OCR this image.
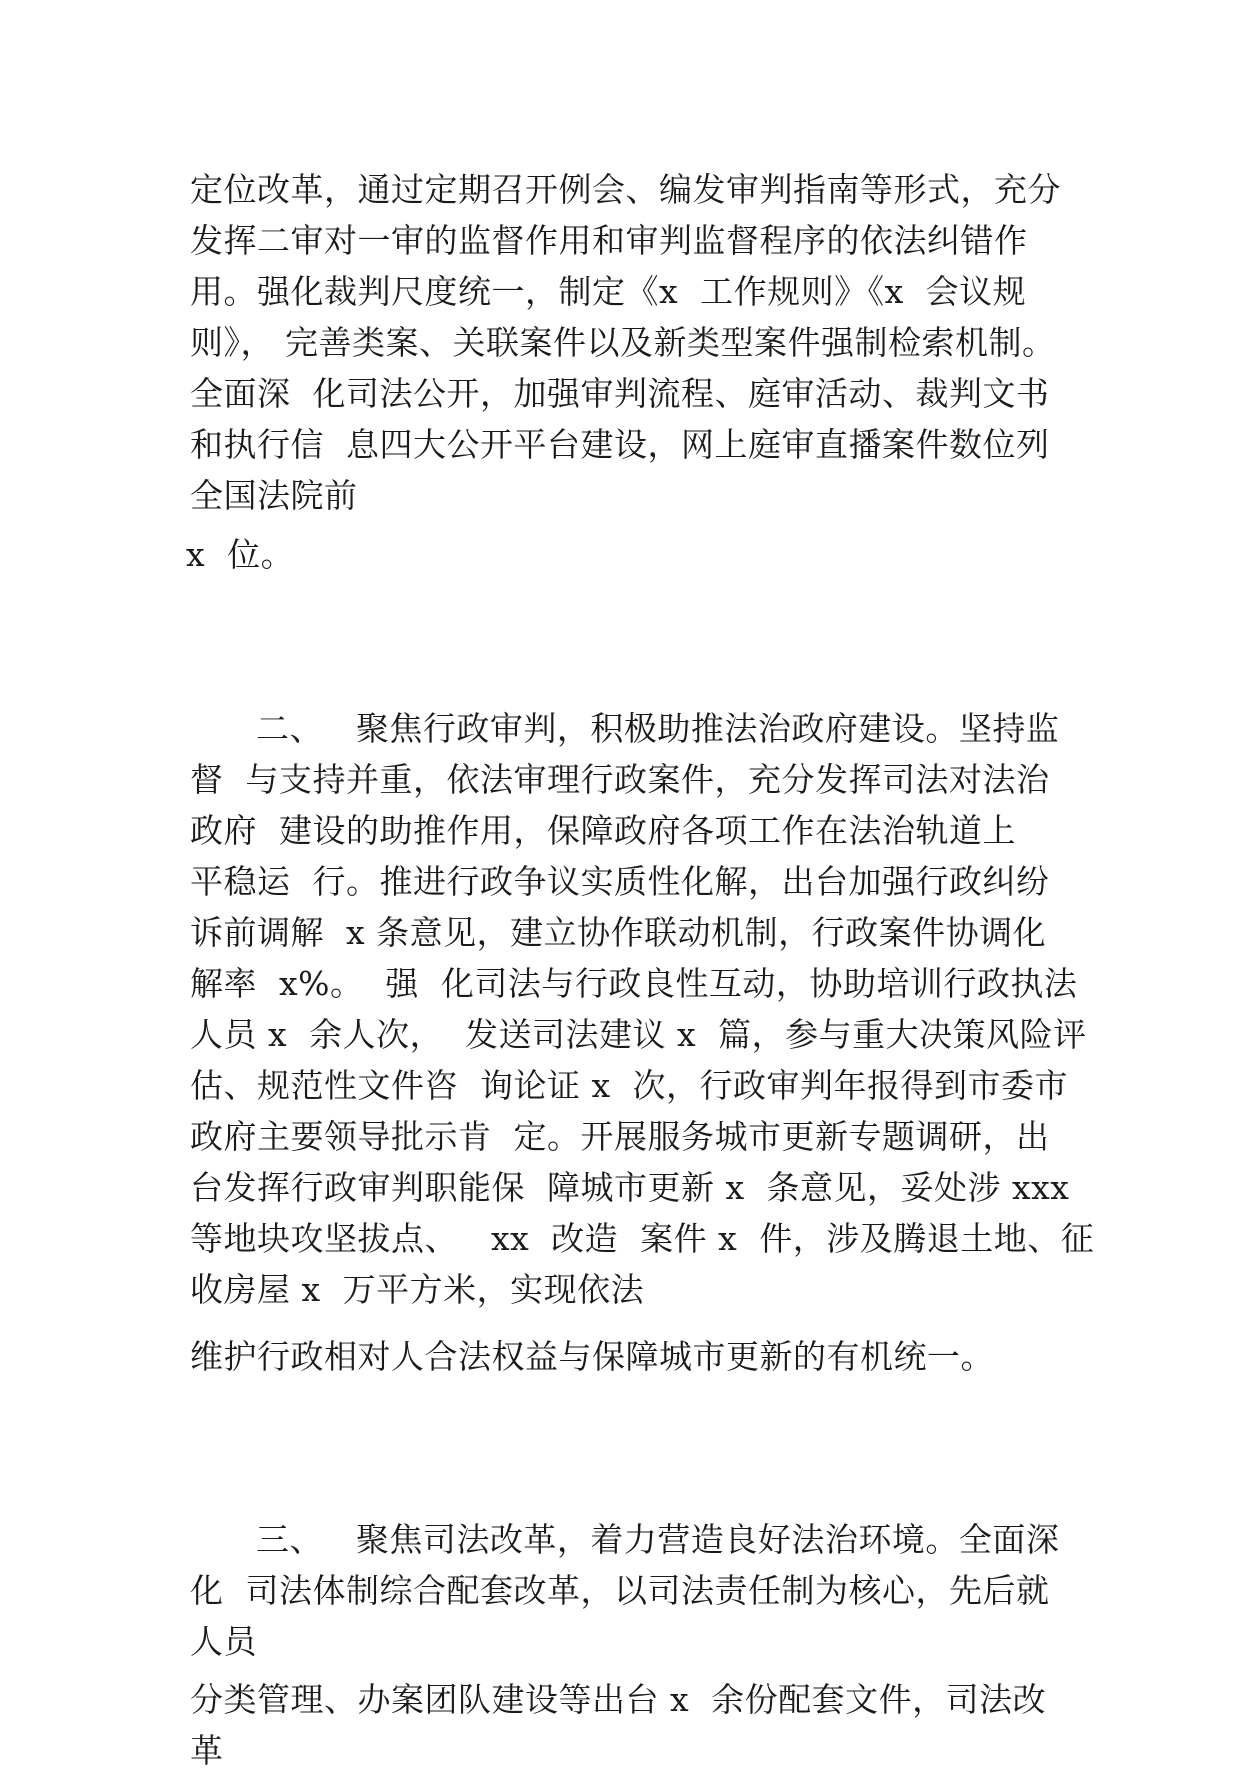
定位改革，通过定期召开例会、编发审判指南等形式，充分
发挥二审对一审的监督作用和审判监督程序的依法纠错作
用。强化裁判尺度统一，制定《x  工作规则》《x  会议规
则》， 完善类案、关联案件以及新类型案件强制检索机制。
全面深  化司法公开，加强审判流程、庭审活动、裁判文书
和执行信  息四大公开平台建设，网上庭审直播案件数位列
全国法院前
x  位。
二、   聚焦行政审判，积极助推法治政府建设。坚持监
督  与支持并重，依法审理行政案件，充分发挥司法对法治
政府  建设的助推作用，保障政府各项工作在法治轨道上
平稳运  行。推进行政争议实质性化解，出台加强行政纠纷
诉前调解  x 条意见，建立协作联动机制，行政案件协调化
解率  x%。  强  化司法与行政良性互动，协助培训行政执法
人员 x  余人次，  发送司法建议 x  篇，参与重大决策风险评
估、规范性文件咨  询论证 x  次，行政审判年报得到市委市
政府主要领导批示肯  定。开展服务城市更新专题调研，出
台发挥行政审判职能保  障城市更新 x  条意见，妥处涉 xxx
等地块攻坚拔点、   xx  改造  案件 x  件，涉及腾退土地、征
收房屋 x  万平方米，实现依法
维护行政相对人合法权益与保障城市更新的有机统一。
三、   聚焦司法改革，着力营造良好法治环境。全面深
化  司法体制综合配套改革，以司法责任制为核心，先后就
人员
分类管理、办案团队建设等出台 x  余份配套文件，司法改
革
